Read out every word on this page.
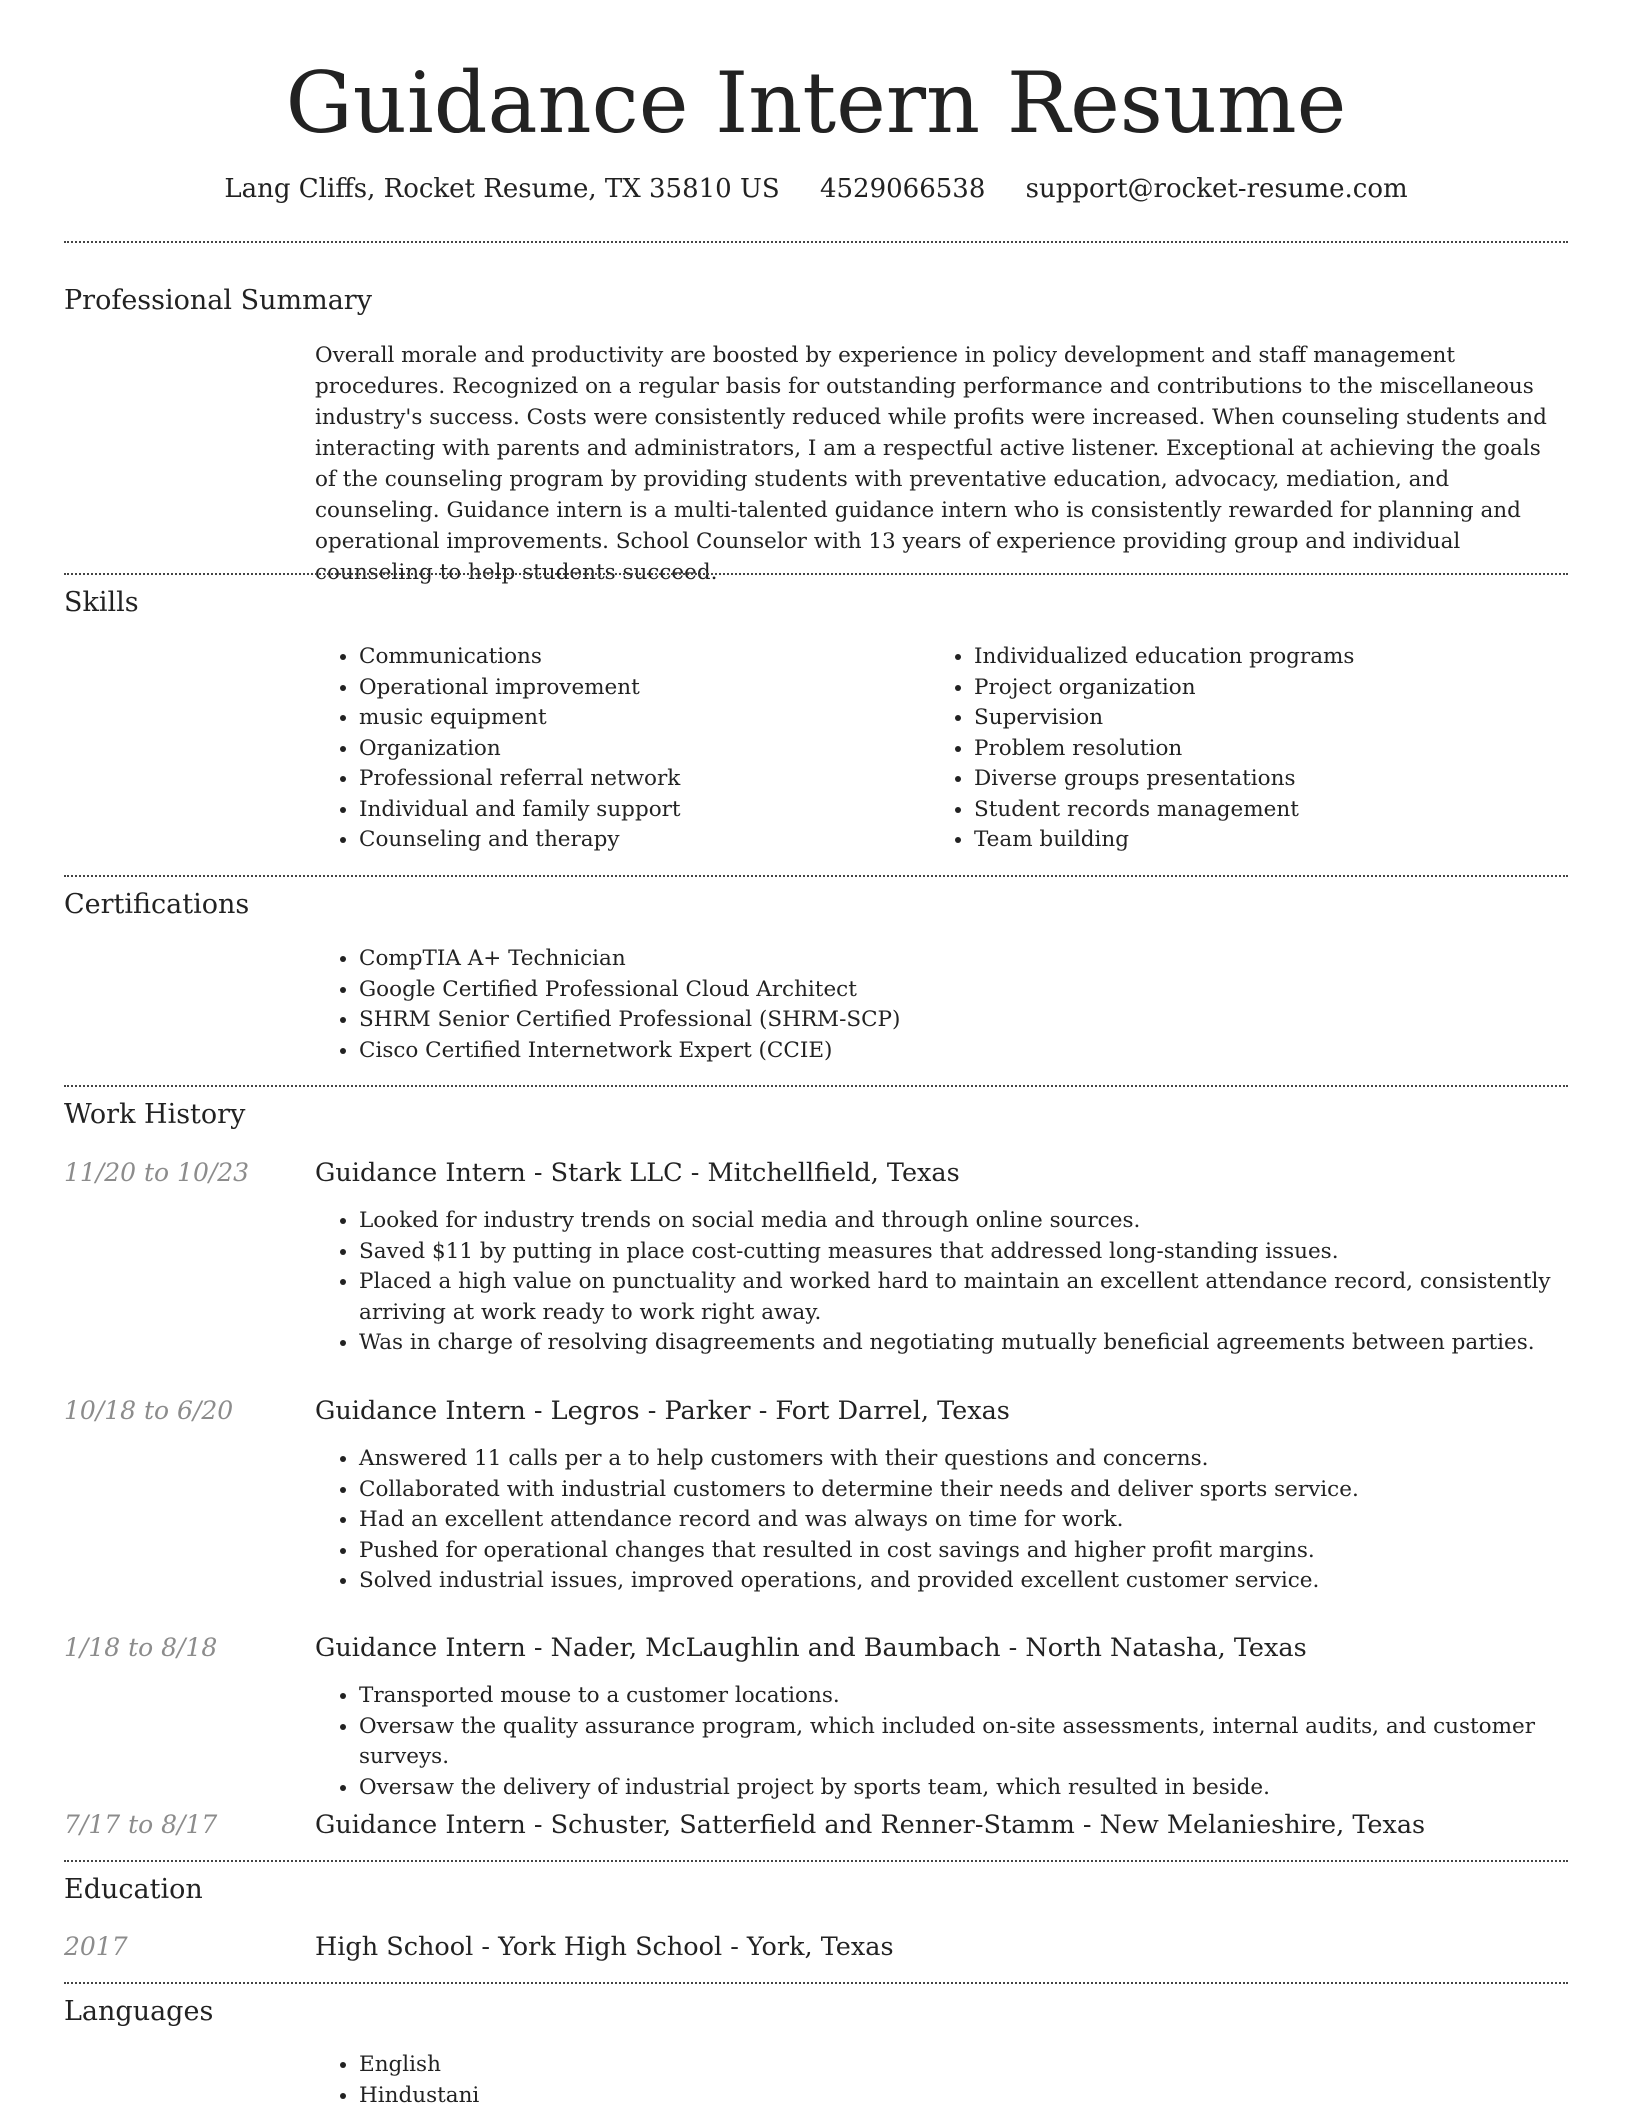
Guidance Intern Resume
Lang Cliffs, Rocket Resume, TX 35810 US 4529066538 support@rocket-resume.com
Professional Summary

Overall morale and productivity are boosted by experience in policy development and staff management procedures. Recognized on a regular basis for outstanding performance and contributions to the miscellaneous industry's success. Costs were consistently reduced while profits were increased. When counseling students and interacting with parents and administrators, I am a respectful active listener. Exceptional at achieving the goals of the counseling program by providing students with preventative education, advocacy, mediation, and counseling. Guidance intern is a multi-talented guidance intern who is consistently rewarded for planning and operational improvements. School Counselor with 13 years of experience providing group and individual counseling to help students succeed.

Skills
• Communications
• Operational improvement
• music equipment
• Organization
• Professional referral network
• Individual and family support
• Counseling and therapy
• Individualized education programs
• Project organization
• Supervision
• Problem resolution
• Diverse groups presentations
• Student records management
• Team building
Certifications
• CompTIA A+ Technician
• Google Certified Professional Cloud Architect
• SHRM Senior Certified Professional (SHRM-SCP)
• Cisco Certified Internetwork Expert (CCIE)
Work History
11/20 to 10/23	Guidance Intern - Stark LLC - Mitchellfield, Texas
• Looked for industry trends on social media and through online sources.
• Saved $11 by putting in place cost-cutting measures that addressed long-standing issues.
• Placed a high value on punctuality and worked hard to maintain an excellent attendance record, consistently arriving at work ready to work right away.
• Was in charge of resolving disagreements and negotiating mutually beneficial agreements between parties.
10/18 to 6/20	Guidance Intern - Legros - Parker - Fort Darrel, Texas
• Answered 11 calls per a to help customers with their questions and concerns.
• Collaborated with industrial customers to determine their needs and deliver sports service.
• Had an excellent attendance record and was always on time for work.
• Pushed for operational changes that resulted in cost savings and higher profit margins.
• Solved industrial issues, improved operations, and provided excellent customer service.
1/18 to 8/18	Guidance Intern - Nader, McLaughlin and Baumbach - North Natasha, Texas
• Transported mouse to a customer locations.
• Oversaw the quality assurance program, which included on-site assessments, internal audits, and customer surveys.
• Oversaw the delivery of industrial project by sports team, which resulted in beside.
7/17 to 8/17	Guidance Intern - Schuster, Satterfield and Renner-Stamm - New Melanieshire, Texas
Education
2017	High School - York High School - York, Texas
Languages
• English
• Hindustani
